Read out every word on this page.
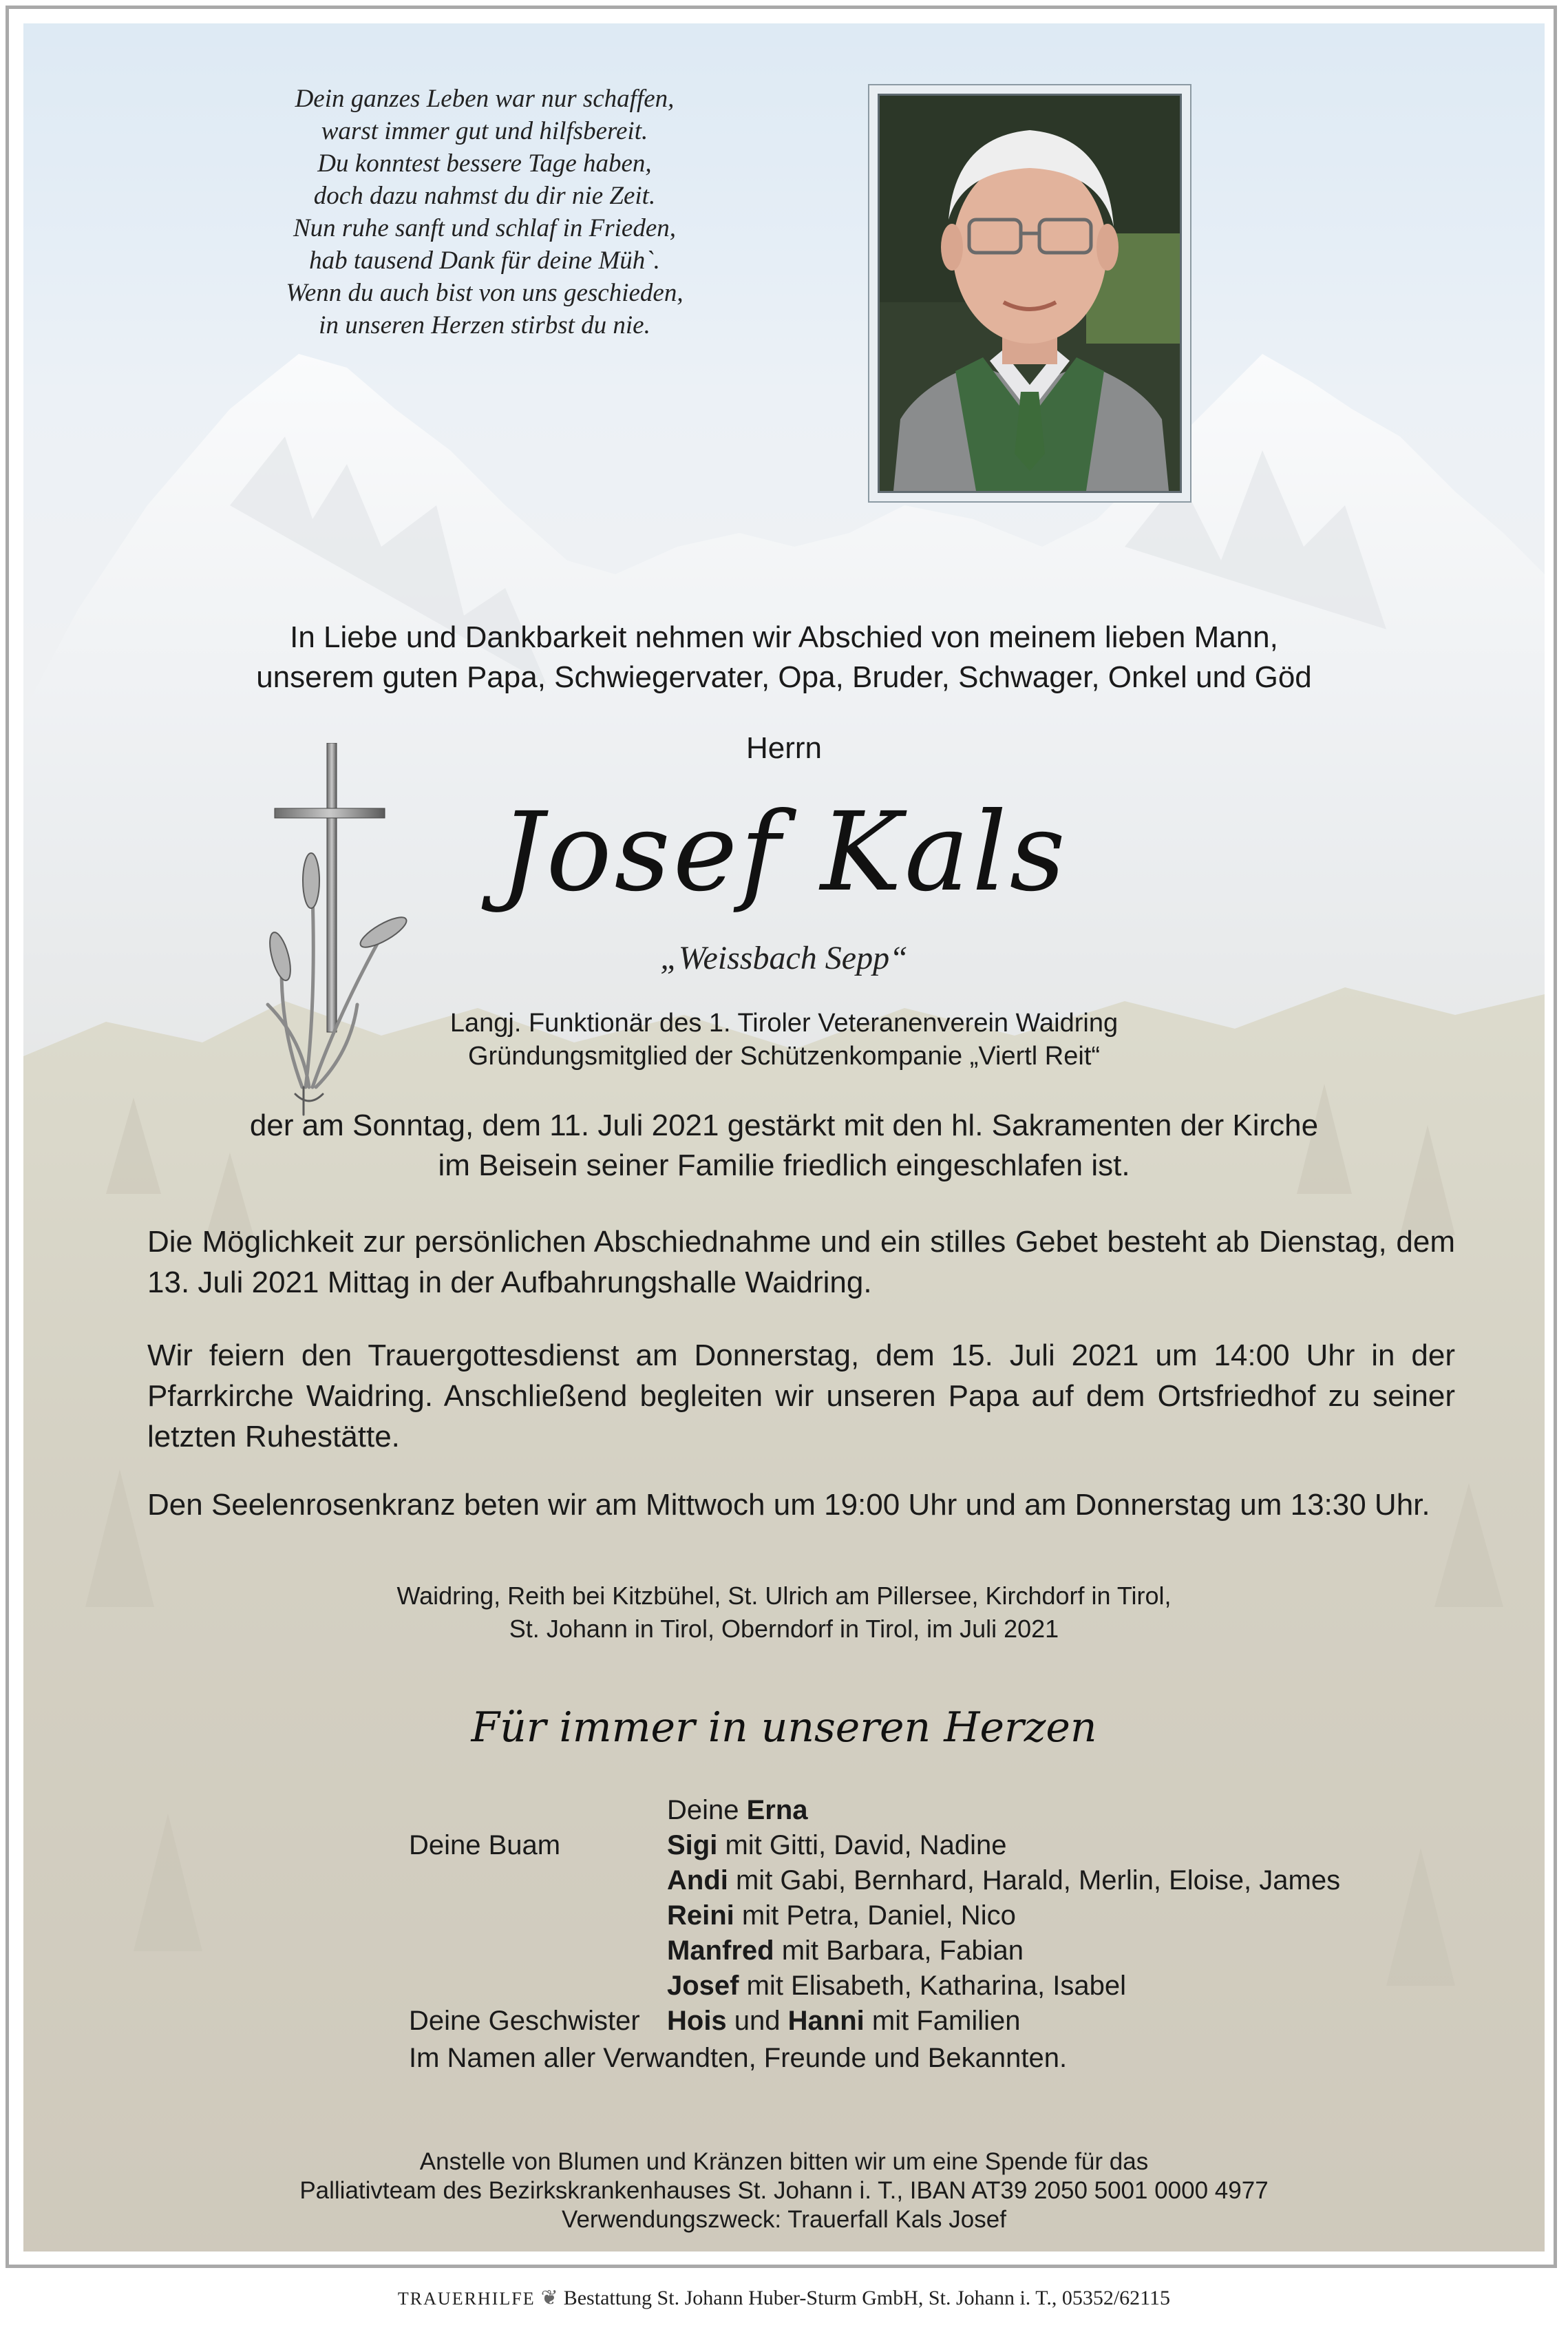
Dein ganzes Leben war nur schaffen,
warst immer gut und hilfsbereit.
Du konntest bessere Tage haben,
doch dazu nahmst du dir nie Zeit.
Nun ruhe sanft und schlaf in Frieden,
hab tausend Dank für deine Müh`.
Wenn du auch bist von uns geschieden,
in unseren Herzen stirbst du nie.
In Liebe und Dankbarkeit nehmen wir Abschied von meinem lieben Mann,
unserem guten Papa, Schwiegervater, Opa, Bruder, Schwager, Onkel und Göd
Herrn
Josef Kals
„Weissbach Sepp“
Langj. Funktionär des 1. Tiroler Veteranenverein Waidring
Gründungsmitglied der Schützenkompanie „Viertl Reit“
der am Sonntag, dem 11. Juli 2021 gestärkt mit den hl. Sakramenten der Kirche
im Beisein seiner Familie friedlich eingeschlafen ist.
Die Möglichkeit zur persönlichen Abschiednahme und ein stilles Gebet besteht ab Dienstag, dem 13. Juli 2021 Mittag in der Aufbahrungshalle Waidring.
Wir feiern den Trauergottesdienst am Donnerstag, dem 15. Juli 2021 um 14:00 Uhr in der Pfarrkirche Waidring. Anschließend begleiten wir unseren Papa auf dem Ortsfriedhof zu seiner letzten Ruhestätte.
Den Seelenrosenkranz beten wir am Mittwoch um 19:00 Uhr und am Donnerstag um 13:30 Uhr.
Waidring, Reith bei Kitzbühel, St. Ulrich am Pillersee, Kirchdorf in Tirol,
St. Johann in Tirol, Oberndorf in Tirol, im Juli 2021
Für immer in unseren Herzen
Deine Erna
Deine Buam	Sigi mit Gitti, David, Nadine
Andi mit Gabi, Bernhard, Harald, Merlin, Eloise, James
Reini mit Petra, Daniel, Nico
Manfred mit Barbara, Fabian
Josef mit Elisabeth, Katharina, Isabel
Deine Geschwister Hois und Hanni mit Familien
Im Namen aller Verwandten, Freunde und Bekannten.
Anstelle von Blumen und Kränzen bitten wir um eine Spende für das
Palliativteam des Bezirkskrankenhauses St. Johann i. T., IBAN AT39 2050 5001 0000 4977
Verwendungszweck: Trauerfall Kals Josef
TRAUERHILFE ❦ Bestattung St. Johann Huber-Sturm GmbH, St. Johann i. T., 05352/62115
